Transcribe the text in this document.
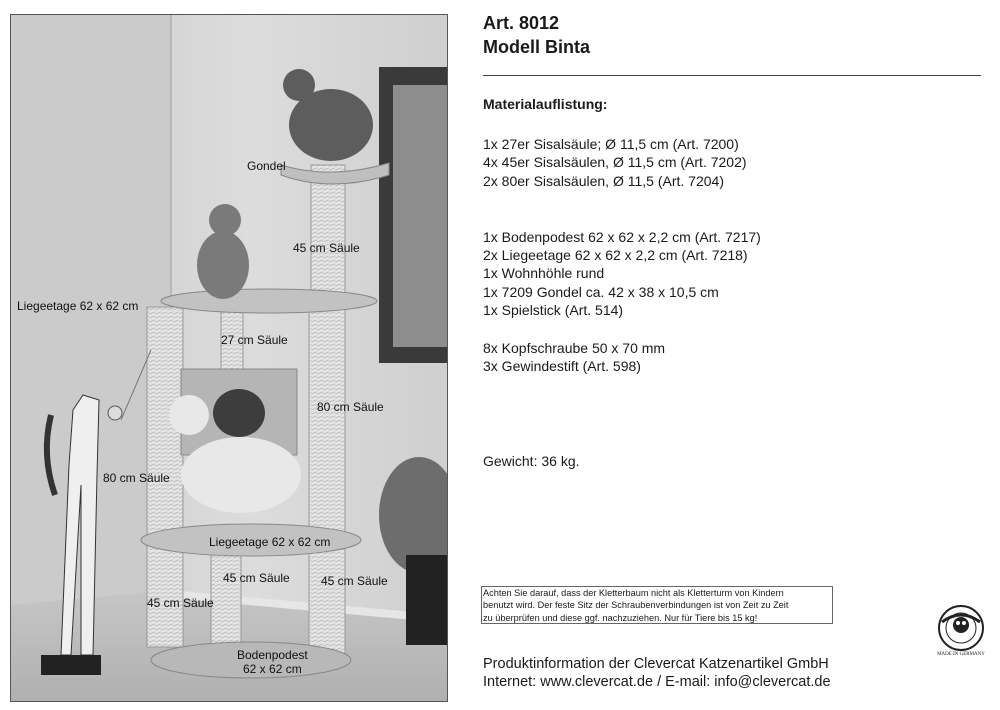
Gondel
45 cm Säule
Liegeetage 62 x 62 cm
27 cm Säule
80 cm Säule
80 cm Säule
Liegeetage 62 x 62 cm
45 cm Säule	45 cm Säule
45 cm Säule
Bodenpodest
62 x 62 cm
Art. 8012
Modell Binta
Materialauflistung:
1x 27er Sisalsäule; Ø 11,5 cm (Art. 7200)
4x 45er Sisalsäulen, Ø 11,5 cm (Art. 7202)
2x 80er Sisalsäulen, Ø 11,5 (Art. 7204)
1x Bodenpodest 62 x 62 x 2,2 cm (Art. 7217)
2x Liegeetage 62 x 62 x 2,2 cm (Art. 7218)
1x Wohnhöhle rund
1x 7209 Gondel ca. 42 x 38 x 10,5 cm
1x Spielstick (Art. 514)
8x Kopfschraube 50 x 70 mm
3x Gewindestift (Art. 598)
Gewicht: 36 kg.
Achten Sie darauf, dass der Kletterbaum nicht als Kletterturm von Kindern
benutzt wird. Der feste Sitz der Schraubenverbindungen ist von Zeit zu Zeit
zu überprüfen und diese ggf. nachzuziehen. Nur für Tiere bis 15 kg!
Produktinformation der Clevercat Katzenartikel GmbH
Internet: www.clevercat.de / E-mail: info@clevercat.de
MADE IN GERMANY
